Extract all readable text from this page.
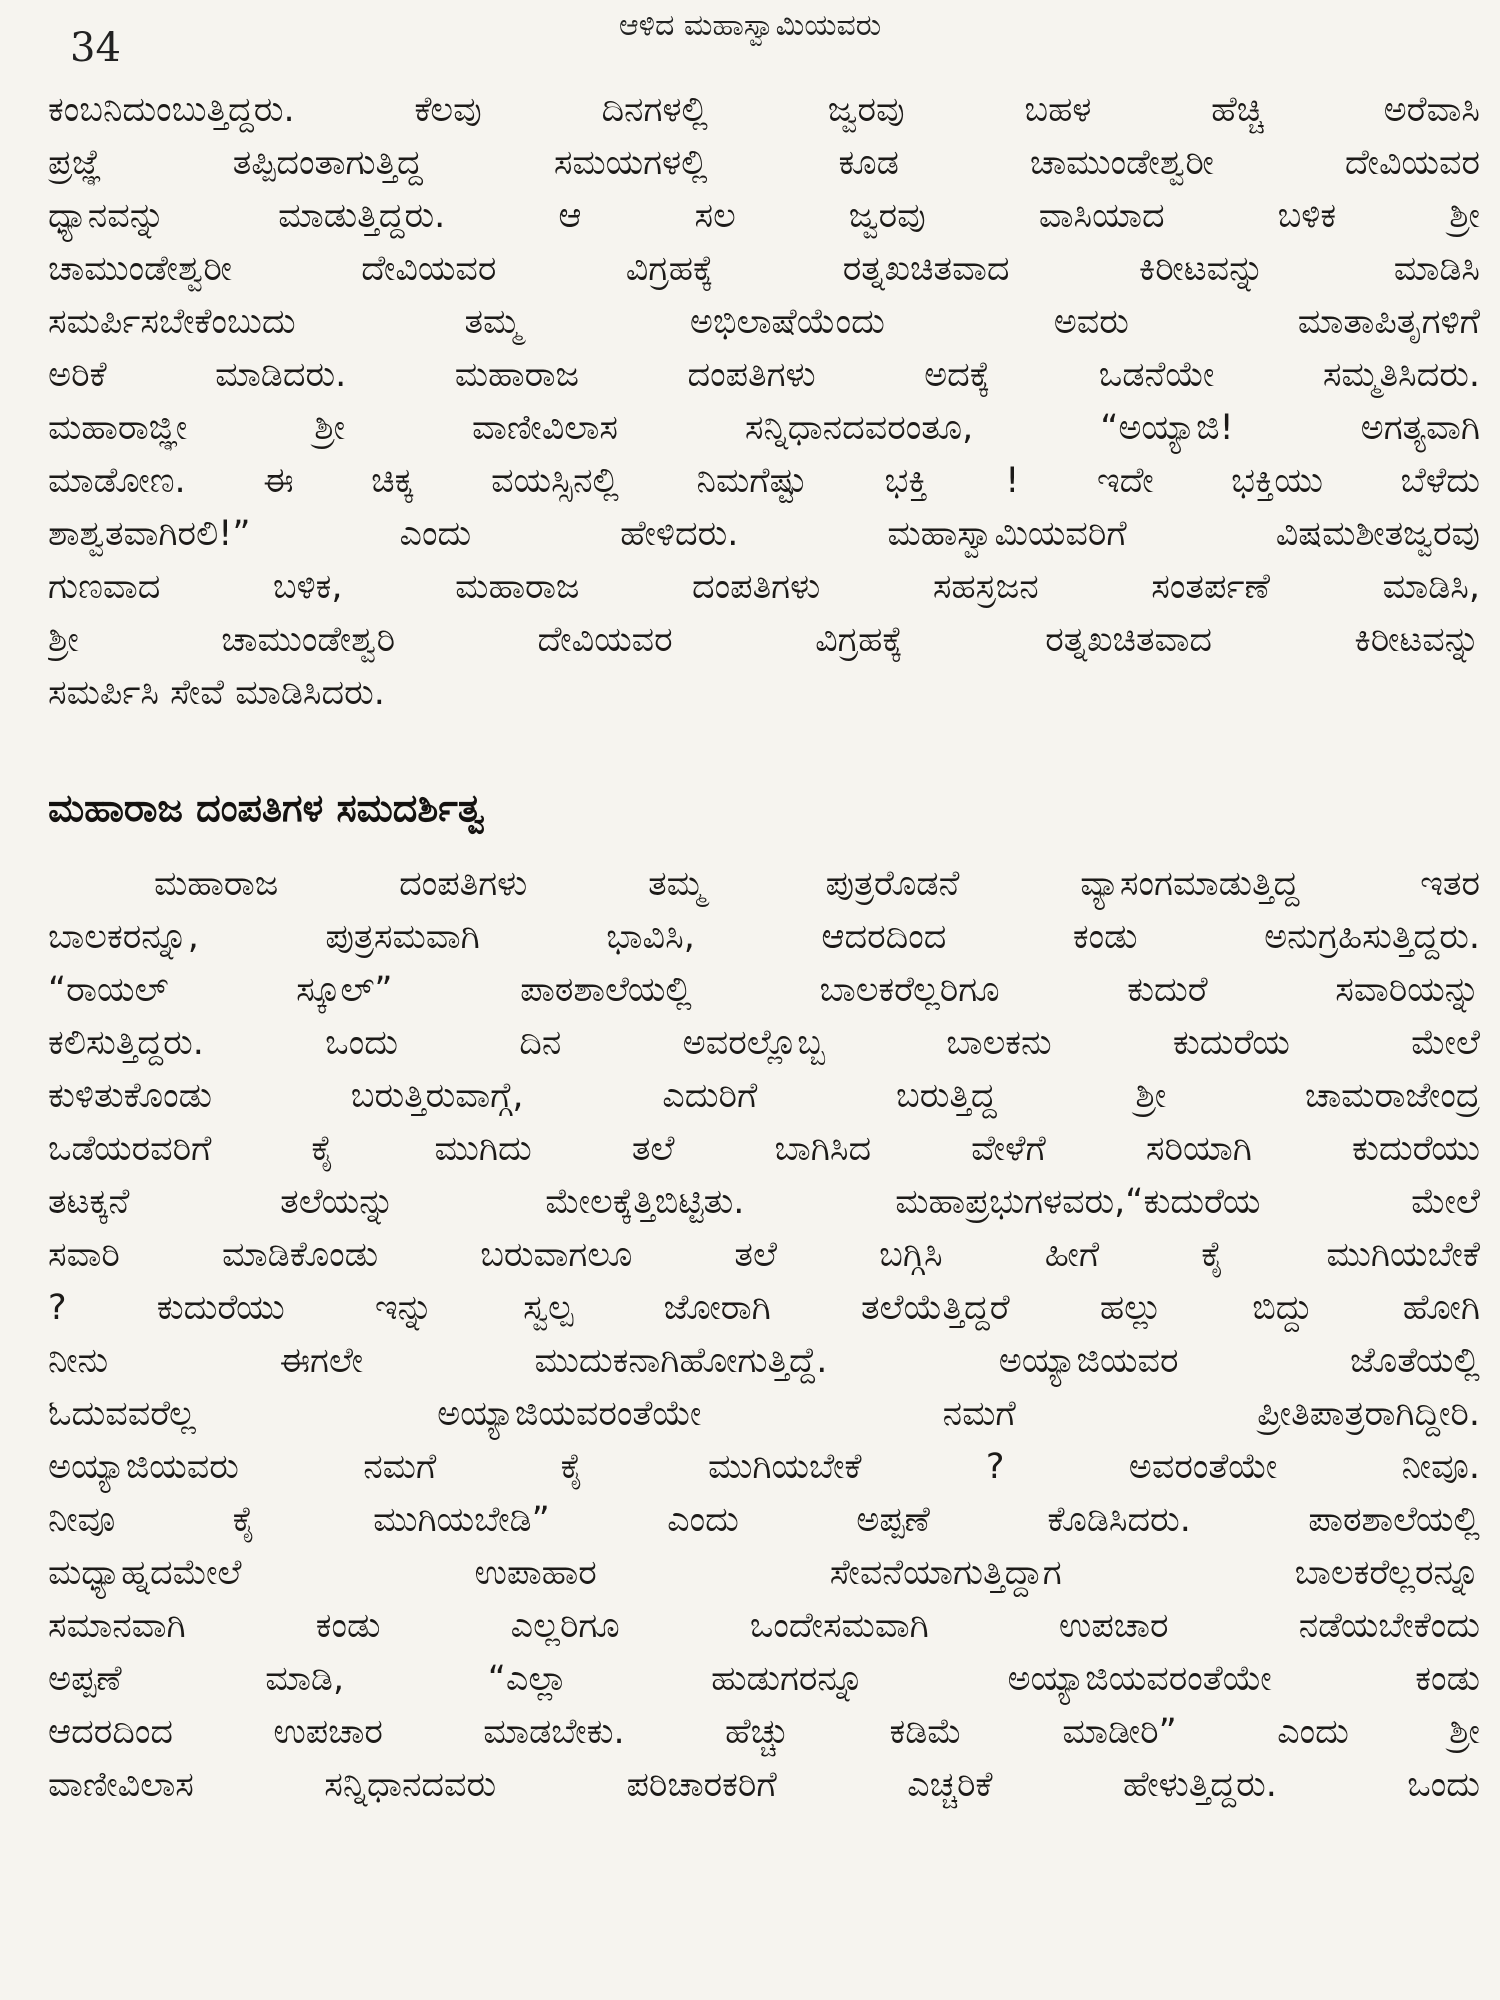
ಆಳಿದ ಮಹಾಸ್ವಾಮಿಯವರು
34
ಕಂಬನಿದುಂಬುತ್ತಿದ್ದರು. ಕೆಲವು ದಿನಗಳಲ್ಲಿ ಜ್ವರವು ಬಹಳ ಹೆಚ್ಚಿ ಅರೆವಾಸಿ
ಪ್ರಜ್ಞೆ ತಪ್ಪಿದಂತಾಗುತ್ತಿದ್ದ ಸಮಯಗಳಲ್ಲಿ ಕೂಡ ಚಾಮುಂಡೇಶ್ವರೀ ದೇವಿಯವರ
ಧ್ಯಾನವನ್ನು ಮಾಡುತ್ತಿದ್ದರು. ಆ ಸಲ ಜ್ವರವು ವಾಸಿಯಾದ ಬಳಿಕ ಶ್ರೀ
ಚಾಮುಂಡೇಶ್ವರೀ ದೇವಿಯವರ ವಿಗ್ರಹಕ್ಕೆ ರತ್ನಖಚಿತವಾದ ಕಿರೀಟವನ್ನು ಮಾಡಿಸಿ
ಸಮರ್ಪಿಸಬೇಕೆಂಬುದು ತಮ್ಮ ಅಭಿಲಾಷೆಯೆಂದು ಅವರು ಮಾತಾಪಿತೃಗಳಿಗೆ
ಅರಿಕೆ ಮಾಡಿದರು. ಮಹಾರಾಜ ದಂಪತಿಗಳು ಅದಕ್ಕೆ ಒಡನೆಯೇ ಸಮ್ಮತಿಸಿದರು.
ಮಹಾರಾಜ್ಞೀ ಶ್ರೀ ವಾಣೀವಿಲಾಸ ಸನ್ನಿಧಾನದವರಂತೂ, “ಅಯ್ಯಾಜಿ! ಅಗತ್ಯವಾಗಿ
ಮಾಡೋಣ. ಈ ಚಿಕ್ಕ ವಯಸ್ಸಿನಲ್ಲಿ ನಿಮಗೆಷ್ಟು ಭಕ್ತಿ ! ಇದೇ ಭಕ್ತಿಯು ಬೆಳೆದು
ಶಾಶ್ವತವಾಗಿರಲಿ!” ಎಂದು ಹೇಳಿದರು. ಮಹಾಸ್ವಾಮಿಯವರಿಗೆ ವಿಷಮಶೀತಜ್ವರವು
ಗುಣವಾದ ಬಳಿಕ, ಮಹಾರಾಜ ದಂಪತಿಗಳು ಸಹಸ್ರಜನ ಸಂತರ್ಪಣೆ ಮಾಡಿಸಿ,
ಶ್ರೀ ಚಾಮುಂಡೇಶ್ವರಿ ದೇವಿಯವರ ವಿಗ್ರಹಕ್ಕೆ ರತ್ನಖಚಿತವಾದ ಕಿರೀಟವನ್ನು
ಸಮರ್ಪಿಸಿ ಸೇವೆ ಮಾಡಿಸಿದರು.
ಮಹಾರಾಜ ದಂಪತಿಗಳ ಸಮದರ್ಶಿತ್ವ
ಮಹಾರಾಜ ದಂಪತಿಗಳು ತಮ್ಮ ಪುತ್ರರೊಡನೆ ವ್ಯಾಸಂಗಮಾಡುತ್ತಿದ್ದ ಇತರ
ಬಾಲಕರನ್ನೂ, ಪುತ್ರಸಮವಾಗಿ ಭಾವಿಸಿ, ಆದರದಿಂದ ಕಂಡು ಅನುಗ್ರಹಿಸುತ್ತಿದ್ದರು.
“ರಾಯಲ್ ಸ್ಕೂಲ್” ಪಾಠಶಾಲೆಯಲ್ಲಿ ಬಾಲಕರೆಲ್ಲರಿಗೂ ಕುದುರೆ ಸವಾರಿಯನ್ನು
ಕಲಿಸುತ್ತಿದ್ದರು. ಒಂದು ದಿನ ಅವರಲ್ಲೊಬ್ಬ ಬಾಲಕನು ಕುದುರೆಯ ಮೇಲೆ
ಕುಳಿತುಕೊಂಡು ಬರುತ್ತಿರುವಾಗ್ಗೆ, ಎದುರಿಗೆ ಬರುತ್ತಿದ್ದ ಶ್ರೀ ಚಾಮರಾಜೇಂದ್ರ
ಒಡೆಯರವರಿಗೆ ಕೈ ಮುಗಿದು ತಲೆ ಬಾಗಿಸಿದ ವೇಳೆಗೆ ಸರಿಯಾಗಿ ಕುದುರೆಯು
ತಟಕ್ಕನೆ ತಲೆಯನ್ನು ಮೇಲಕ್ಕೆತ್ತಿಬಿಟ್ಟಿತು. ಮಹಾಪ್ರಭುಗಳವರು,“ಕುದುರೆಯ ಮೇಲೆ
ಸವಾರಿ ಮಾಡಿಕೊಂಡು ಬರುವಾಗಲೂ ತಲೆ ಬಗ್ಗಿಸಿ ಹೀಗೆ ಕೈ ಮುಗಿಯಬೇಕೆ
? ಕುದುರೆಯು ಇನ್ನು ಸ್ವಲ್ಪ ಜೋರಾಗಿ ತಲೆಯೆತ್ತಿದ್ದರೆ ಹಲ್ಲು ಬಿದ್ದು ಹೋಗಿ
ನೀನು ಈಗಲೇ ಮುದುಕನಾಗಿಹೋಗುತ್ತಿದ್ದೆ. ಅಯ್ಯಾಜಿಯವರ ಜೊತೆಯಲ್ಲಿ
ಓದುವವರೆಲ್ಲ ಅಯ್ಯಾಜಿಯವರಂತೆಯೇ ನಮಗೆ ಪ್ರೀತಿಪಾತ್ರರಾಗಿದ್ದೀರಿ.
ಅಯ್ಯಾಜಿಯವರು ನಮಗೆ ಕೈ ಮುಗಿಯಬೇಕೆ ? ಅವರಂತೆಯೇ ನೀವೂ.
ನೀವೂ ಕೈ ಮುಗಿಯಬೇಡಿ” ಎಂದು ಅಪ್ಪಣೆ ಕೊಡಿಸಿದರು. ಪಾಠಶಾಲೆಯಲ್ಲಿ
ಮಧ್ಯಾಹ್ನದಮೇಲೆ ಉಪಾಹಾರ ಸೇವನೆಯಾಗುತ್ತಿದ್ದಾಗ ಬಾಲಕರೆಲ್ಲರನ್ನೂ
ಸಮಾನವಾಗಿ ಕಂಡು ಎಲ್ಲರಿಗೂ ಒಂದೇಸಮವಾಗಿ ಉಪಚಾರ ನಡೆಯಬೇಕೆಂದು
ಅಪ್ಪಣೆ ಮಾಡಿ, “ಎಲ್ಲಾ ಹುಡುಗರನ್ನೂ ಅಯ್ಯಾಜಿಯವರಂತೆಯೇ ಕಂಡು
ಆದರದಿಂದ ಉಪಚಾರ ಮಾಡಬೇಕು. ಹೆಚ್ಚು ಕಡಿಮೆ ಮಾಡೀರಿ” ಎಂದು ಶ್ರೀ
ವಾಣೀವಿಲಾಸ ಸನ್ನಿಧಾನದವರು ಪರಿಚಾರಕರಿಗೆ ಎಚ್ಚರಿಕೆ ಹೇಳುತ್ತಿದ್ದರು. ಒಂದು
